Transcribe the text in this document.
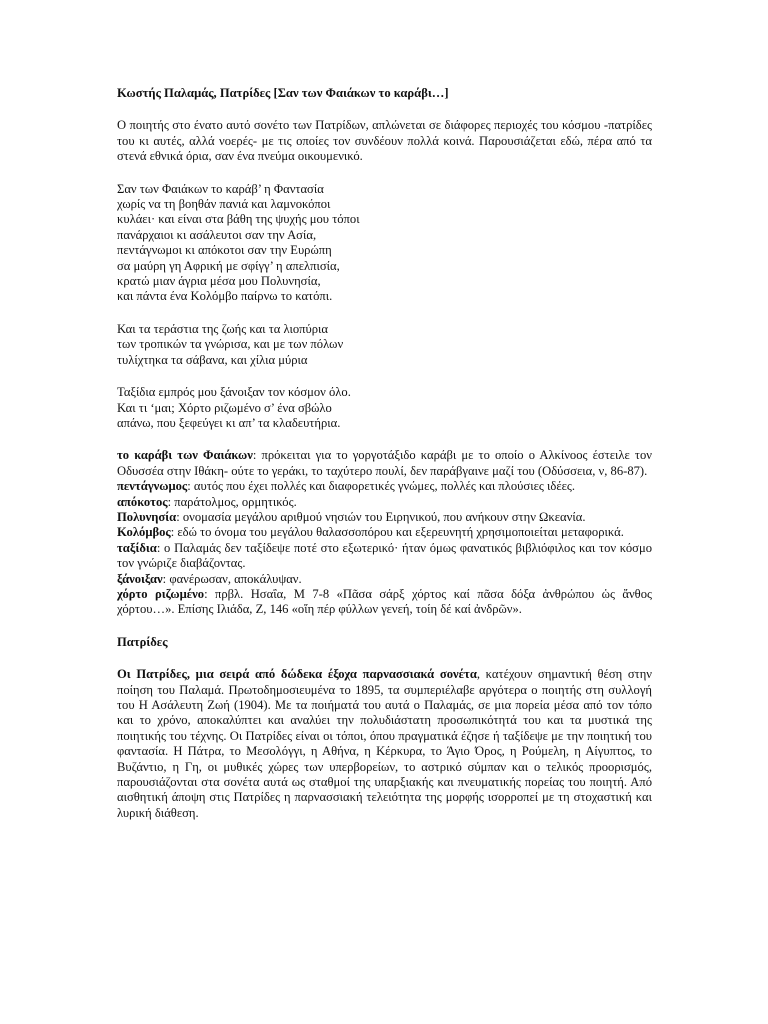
Κωστής Παλαμάς, Πατρίδες [Σαν των Φαιάκων το καράβι…]

Ο ποιητής στο ένατο αυτό σονέτο των Πατρίδων, απλώνεται σε διάφορες περιοχές του κόσμου -πατρίδες του κι αυτές, αλλά νοερές- με τις οποίες τον συνδέουν πολλά κοινά. Παρουσιάζεται εδώ, πέρα από τα στενά εθνικά όρια, σαν ένα πνεύμα οικουμενικό.

Σαν των Φαιάκων το καράβ’ η Φαντασία
χωρίς να τη βοηθάν πανιά και λαμνοκόποι
κυλάει· και είναι στα βάθη της ψυχής μου τόποι
πανάρχαιοι κι ασάλευτοι σαν την Ασία,
πεντάγνωμοι κι απόκοτοι σαν την Ευρώπη
σα μαύρη γη Αφρική με σφίγγ’ η απελπισία,
κρατώ μιαν άγρια μέσα μου Πολυνησία,
και πάντα ένα Κολόμβο παίρνω το κατόπι.
Και τα τεράστια της ζωής και τα λιοπύρια
των τροπικών τα γνώρισα, και με των πόλων
τυλίχτηκα τα σάβανα, και χίλια μύρια
Ταξίδια εμπρός μου ξάνοιξαν τον κόσμον όλο.
Και τι ‘μαι; Χόρτο ριζωμένο σ’ ένα σβώλο
απάνω, που ξεφεύγει κι απ’ τα κλαδευτήρια.
το καράβι των Φαιάκων: πρόκειται για το γοργοτάξιδο καράβι με το οποίο ο Αλκίνοος έστειλε τον Οδυσσέα στην Ιθάκη- ούτε το γεράκι, το ταχύτερο πουλί, δεν παράβγαινε μαζί του (Οδύσσεια, ν, 86-87).
πεντάγνωμος: αυτός που έχει πολλές και διαφορετικές γνώμες, πολλές και πλούσιες ιδέες.
απόκοτος: παράτολμος, ορμητικός.
Πολυνησία: ονομασία μεγάλου αριθμού νησιών του Ειρηνικού, που ανήκουν στην Ωκεανία.
Κολόμβος: εδώ το όνομα του μεγάλου θαλασσοπόρου και εξερευνητή χρησιμοποιείται μεταφορικά.
ταξίδια: ο Παλαμάς δεν ταξίδεψε ποτέ στο εξωτερικό· ήταν όμως φανατικός βιβλιόφιλος και τον κόσμο τον γνώριζε διαβάζοντας.
ξάνοιξαν: φανέρωσαν, αποκάλυψαν.
χόρτο ριζωμένο: πρβλ. Ησαΐα, Μ 7-8 «Πᾶσα σάρξ χόρτος καί πᾶσα δόξα ἀνθρώπου ὡς ἄνθος χόρτου…». Επίσης Ιλιάδα, Ζ, 146 «οἵη πέρ φύλλων γενεή, τοίη δέ καί ἀνδρῶν».

Πατρίδες

Οι Πατρίδες, μια σειρά από δώδεκα έξοχα παρνασσιακά σονέτα, κατέχουν σημαντική θέση στην ποίηση του Παλαμά. Πρωτοδημοσιευμένα το 1895, τα συμπεριέλαβε αργότερα ο ποιητής στη συλλογή του Η Ασάλευτη Ζωή (1904). Με τα ποιήματά του αυτά ο Παλαμάς, σε μια πορεία μέσα από τον τόπο και το χρόνο, αποκαλύπτει και αναλύει την πολυδιάστατη προσωπικότητά του και τα μυστικά της ποιητικής του τέχνης. Οι Πατρίδες είναι οι τόποι, όπου πραγματικά έζησε ή ταξίδεψε με την ποιητική του φαντασία. Η Πάτρα, το Μεσολόγγι, η Αθήνα, η Κέρκυρα, το Άγιο Όρος, η Ρούμελη, η Αίγυπτος, το Βυζάντιο, η Γη, οι μυθικές χώρες των υπερβορείων, το αστρικό σύμπαν και ο τελικός προορισμός, παρουσιάζονται στα σονέτα αυτά ως σταθμοί της υπαρξιακής και πνευματικής πορείας του ποιητή. Από αισθητική άποψη στις Πατρίδες η παρνασσιακή τελειότητα της μορφής ισορροπεί με τη στοχαστική και λυρική διάθεση.
